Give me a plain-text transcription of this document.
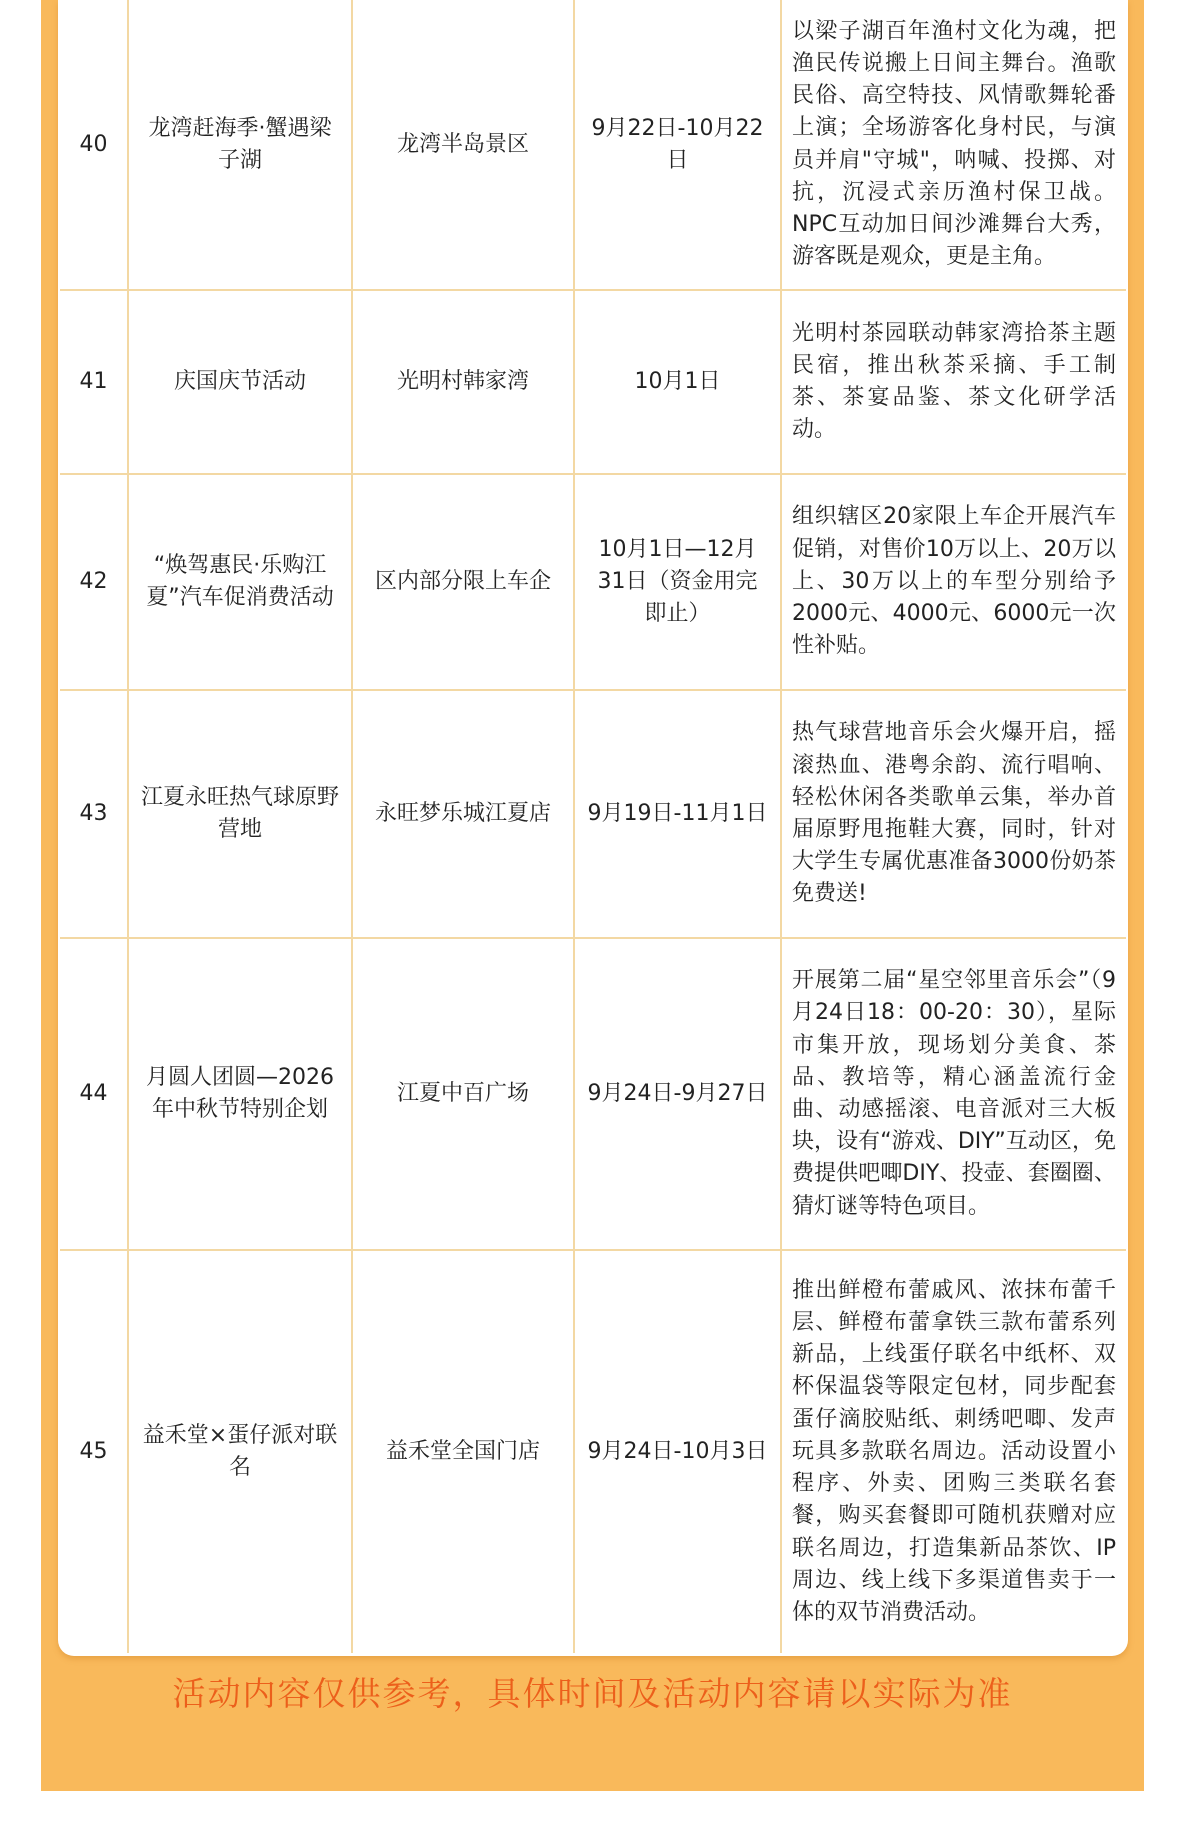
40	龙湾赶海季·蟹遇梁子湖	龙湾半岛景区	9月22日-10月22日	以梁子湖百年渔村文化为魂，把渔民传说搬上日间主舞台。渔歌民俗、高空特技、风情歌舞轮番上演；全场游客化身村民，与演员并肩"守城"，呐喊、投掷、对抗，沉浸式亲历渔村保卫战。NPC互动加日间沙滩舞台大秀，游客既是观众，更是主角。
41	庆国庆节活动	光明村韩家湾	10月1日	光明村茶园联动韩家湾拾茶主题民宿，推出秋茶采摘、手工制茶、茶宴品鉴、茶文化研学活动。
42	“焕驾惠民·乐购江夏”汽车促消费活动	区内部分限上车企	10月1日—12月31日（资金用完即止）	组织辖区20家限上车企开展汽车促销，对售价10万以上、20万以上、30万以上的车型分别给予2000元、4000元、6000元一次性补贴。
43	江夏永旺热气球原野营地	永旺梦乐城江夏店	9月19日-11月1日	热气球营地音乐会火爆开启，摇滚热血、港粤余韵、流行唱响、轻松休闲各类歌单云集，举办首届原野甩拖鞋大赛，同时，针对大学生专属优惠准备3000份奶茶免费送!
44	月圆人团圆—2026年中秋节特别企划	江夏中百广场	9月24日-9月27日	开展第二届“星空邻里音乐会”（9月24日18：00-20：30），星际市集开放，现场划分美食、茶品、教培等，精心涵盖流行金曲、动感摇滚、电音派对三大板块，设有“游戏、DIY”互动区，免费提供吧唧DIY、投壶、套圈圈、猜灯谜等特色项目。
45	益禾堂×蛋仔派对联名	益禾堂全国门店	9月24日-10月3日	推出鲜橙布蕾戚风、浓抹布蕾千层、鲜橙布蕾拿铁三款布蕾系列新品，上线蛋仔联名中纸杯、双杯保温袋等限定包材，同步配套蛋仔滴胶贴纸、刺绣吧唧、发声玩具多款联名周边。活动设置小程序、外卖、团购三类联名套餐，购买套餐即可随机获赠对应联名周边，打造集新品茶饮、IP周边、线上线下多渠道售卖于一体的双节消费活动。
活动内容仅供参考，具体时间及活动内容请以实际为准
